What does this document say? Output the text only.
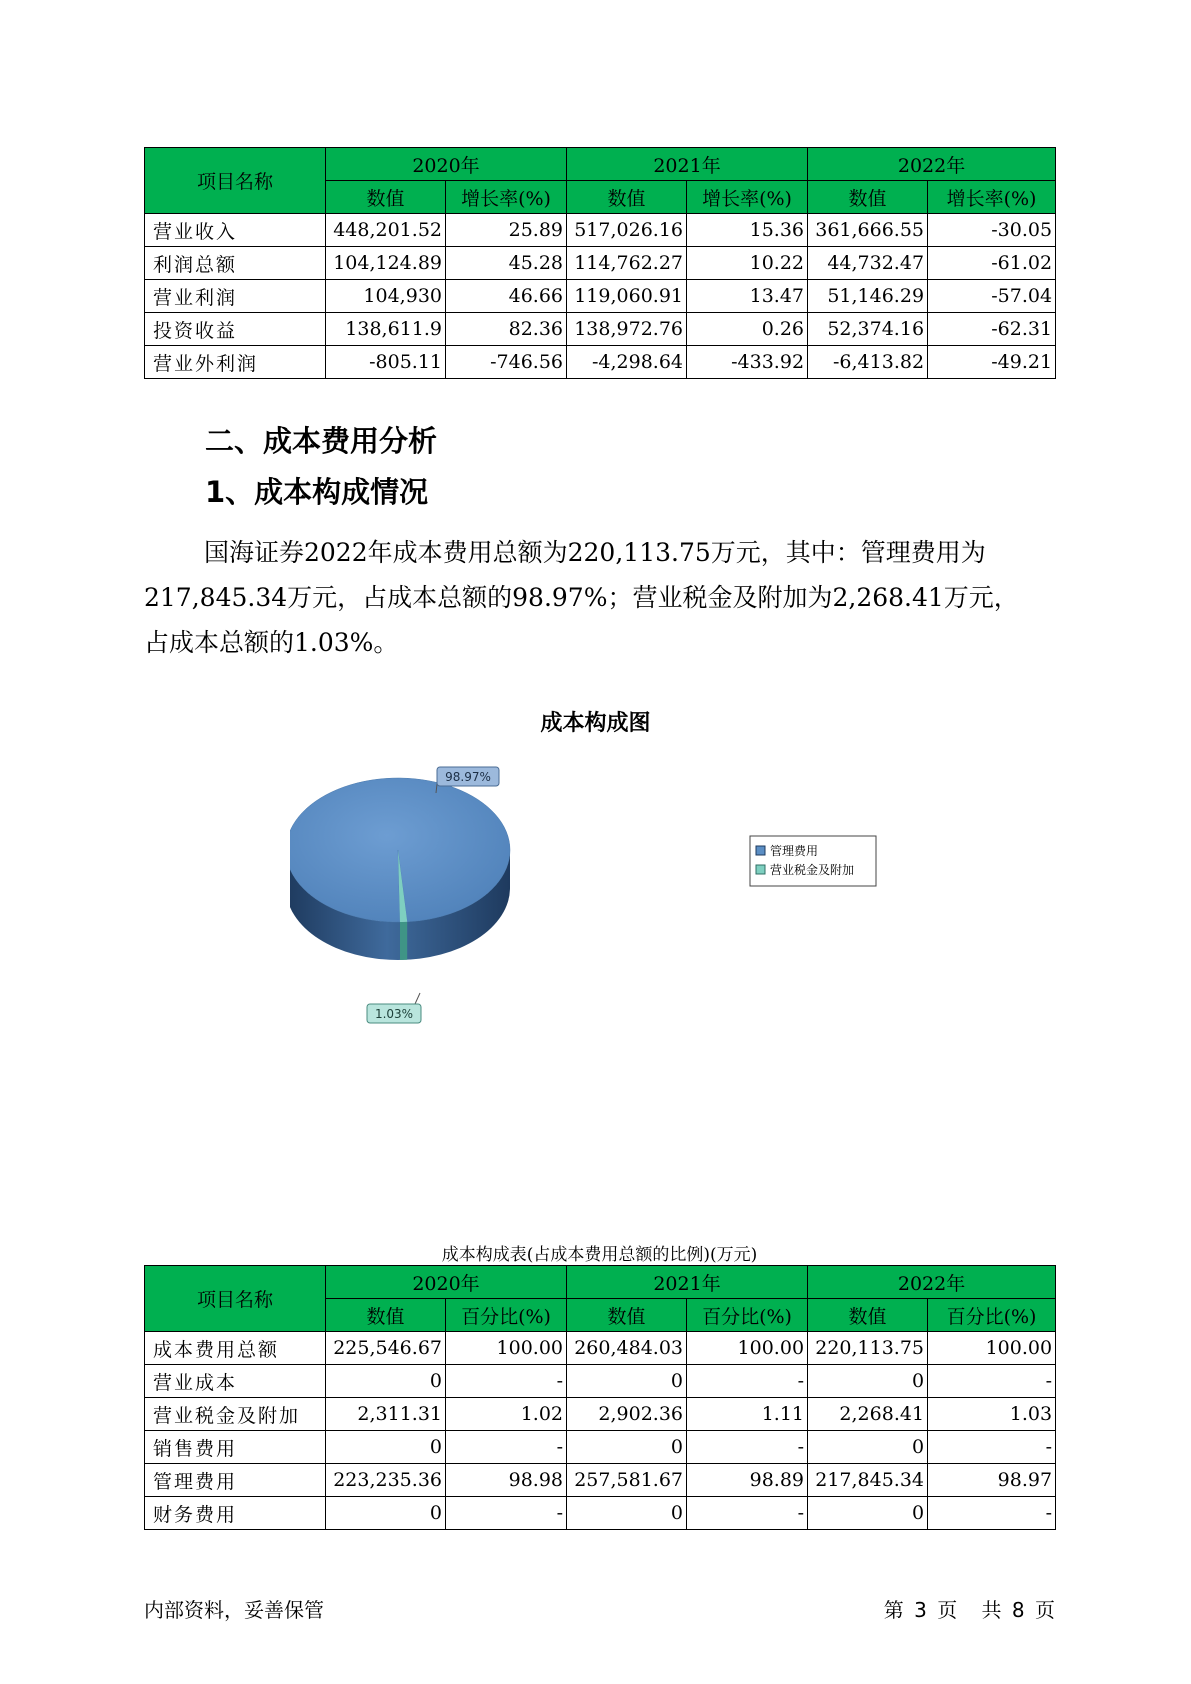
项目名称	2020年		2021年		2022年	
	数值	增长率(%)	数值	增长率(%)	数值	增长率(%)
营业收入	448,201.52	25.89	517,026.16	15.36	361,666.55	-30.05
利润总额	104,124.89	45.28	114,762.27	10.22	44,732.47	-61.02
营业利润	104,930	46.66	119,060.91	13.47	51,146.29	-57.04
投资收益	138,611.9	82.36	138,972.76	0.26	52,374.16	-62.31
营业外利润	-805.11	-746.56	-4,298.64	-433.92	-6,413.82	-49.21
二、成本费用分析
1、成本构成情况
国海证券2022年成本费用总额为220,113.75万元，其中：管理费用为
217,845.34万元，占成本总额的98.97%；营业税金及附加为2,268.41万元，
占成本总额的1.03%。
成本构成图
98.97%
1.03%
管理费用
营业税金及附加
成本构成表(占成本费用总额的比例)(万元)
项目名称	2020年		2021年		2022年	
	数值	百分比(%)	数值	百分比(%)	数值	百分比(%)
成本费用总额	225,546.67	100.00	260,484.03	100.00	220,113.75	100.00
营业成本	0	-	0	-	0	-
营业税金及附加	2,311.31	1.02	2,902.36	1.11	2,268.41	1.03
销售费用	0	-	0	-	0	-
管理费用	223,235.36	98.98	257,581.67	98.89	217,845.34	98.97
财务费用	0	-	0	-	0	-
内部资料，妥善保管	第 3 页 共 8 页
